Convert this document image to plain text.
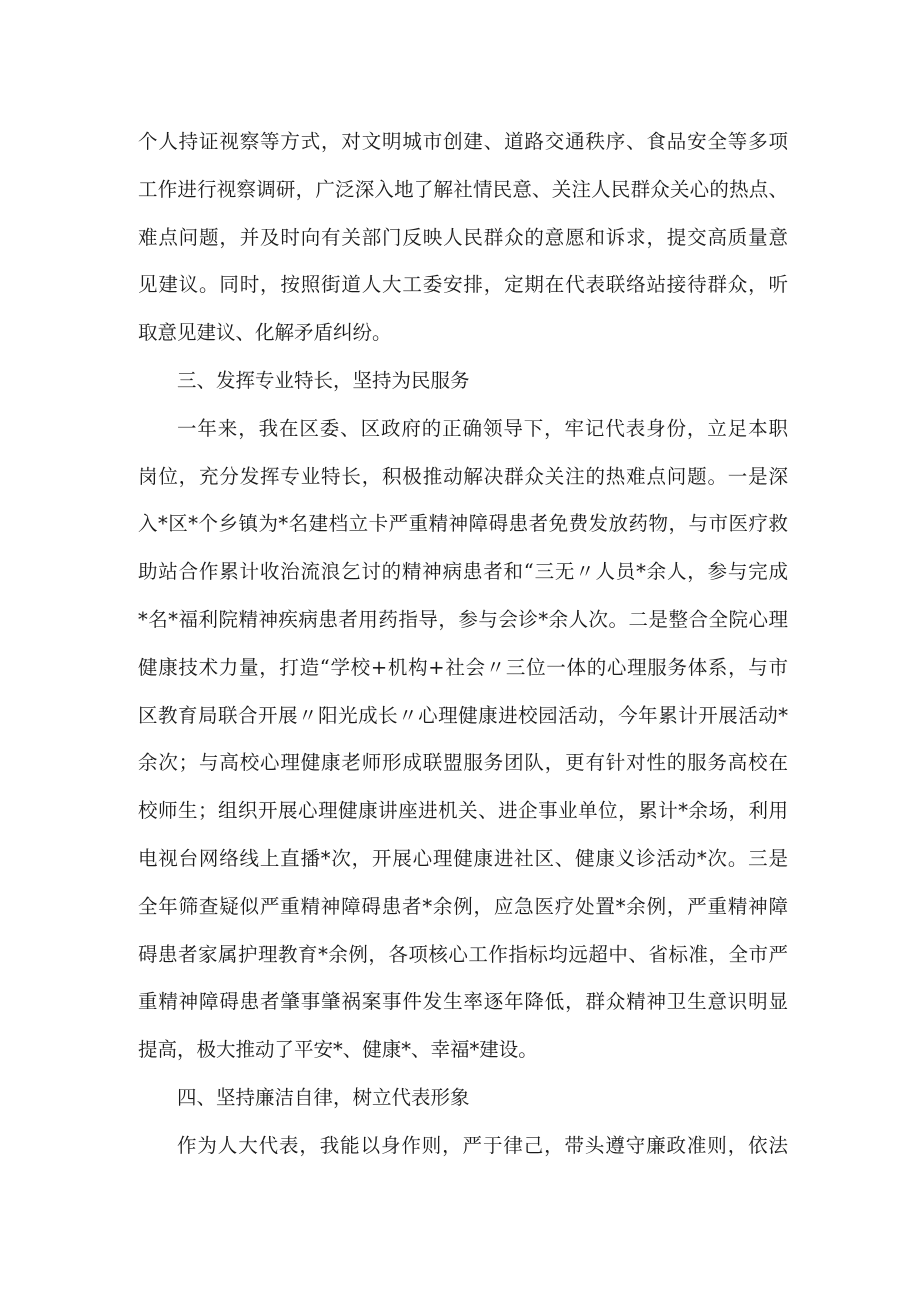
个人持证视察等方式，对文明城市创建、道路交通秩序、食品安全等多项
工作进行视察调研，广泛深入地了解社情民意、关注人民群众关心的热点、
难点问题，并及时向有关部门反映人民群众的意愿和诉求，提交高质量意
见建议。同时，按照街道人大工委安排，定期在代表联络站接待群众，听
取意见建议、化解矛盾纠纷。
三、发挥专业特长，坚持为民服务
一年来，我在区委、区政府的正确领导下，牢记代表身份，立足本职
岗位，充分发挥专业特长，积极推动解决群众关注的热难点问题。一是深
入*区*个乡镇为*名建档立卡严重精神障碍患者免费发放药物，与市医疗救
助站合作累计收治流浪乞讨的精神病患者和“三无〃人员*余人，参与完成
*名*福利院精神疾病患者用药指导，参与会诊*余人次。二是整合全院心理
健康技术力量，打造“学校+机构+社会〃三位一体的心理服务体系，与市
区教育局联合开展〃阳光成长〃心理健康进校园活动，今年累计开展活动*
余次；与高校心理健康老师形成联盟服务团队，更有针对性的服务高校在
校师生；组织开展心理健康讲座进机关、进企事业单位，累计*余场，利用
电视台网络线上直播*次，开展心理健康进社区、健康义诊活动*次。三是
全年筛查疑似严重精神障碍患者*余例，应急医疗处置*余例，严重精神障
碍患者家属护理教育*余例，各项核心工作指标均远超中、省标准，全市严
重精神障碍患者肇事肇祸案事件发生率逐年降低，群众精神卫生意识明显
提高，极大推动了平安*、健康*、幸福*建设。
四、坚持廉洁自律，树立代表形象
作为人大代表，我能以身作则，严于律己，带头遵守廉政准则，依法
